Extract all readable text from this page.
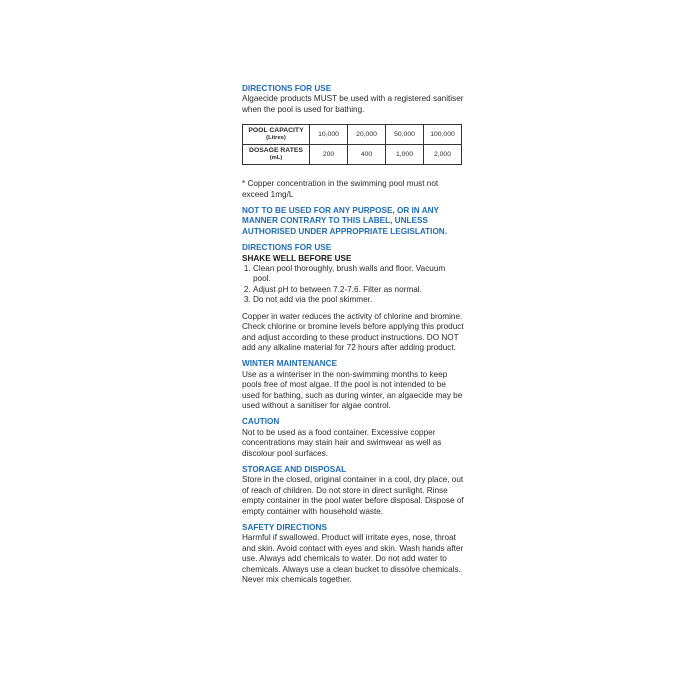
DIRECTIONS FOR USE

Algaecide products MUST be used with a registered sanitiser when the pool is used for bathing.

POOL CAPACITY
(Litres)	10,000	20,000	50,000	100,000

DOSAGE RATES
(mL)	200	400	1,000	2,000

* Copper concentration in the swimming pool must not exceed 1mg/L

NOT TO BE USED FOR ANY PURPOSE, OR IN ANY MANNER CONTRARY TO THIS LABEL, UNLESS AUTHORISED UNDER APPROPRIATE LEGISLATION.

DIRECTIONS FOR USE
SHAKE WELL BEFORE USE
1. Clean pool thoroughly, brush walls and floor. Vacuum pool.
2. Adjust pH to between 7.2-7.6. Filter as normal.
3. Do not add via the pool skimmer.

Copper in water reduces the activity of chlorine and bromine. Check chlorine or bromine levels before applying this product and adjust according to these product instructions. DO NOT add any alkaline material for 72 hours after adding product.

WINTER MAINTENANCE

Use as a winteriser in the non-swimming months to keep pools free of most algae. If the pool is not intended to be used for bathing, such as during winter, an algaecide may be used without a sanitiser for algae control.

CAUTION

Not to be used as a food container. Excessive copper concentrations may stain hair and swimwear as well as discolour pool surfaces.

STORAGE AND DISPOSAL

Store in the closed, original container in a cool, dry place, out of reach of children. Do not store in direct sunlight. Rinse empty container in the pool water before disposal. Dispose of empty container with household waste.

SAFETY DIRECTIONS

Harmful if swallowed. Product will irritate eyes, nose, throat and skin. Avoid contact with eyes and skin. Wash hands after use. Always add chemicals to water. Do not add water to chemicals. Always use a clean bucket to dissolve chemicals. Never mix chemicals together.
